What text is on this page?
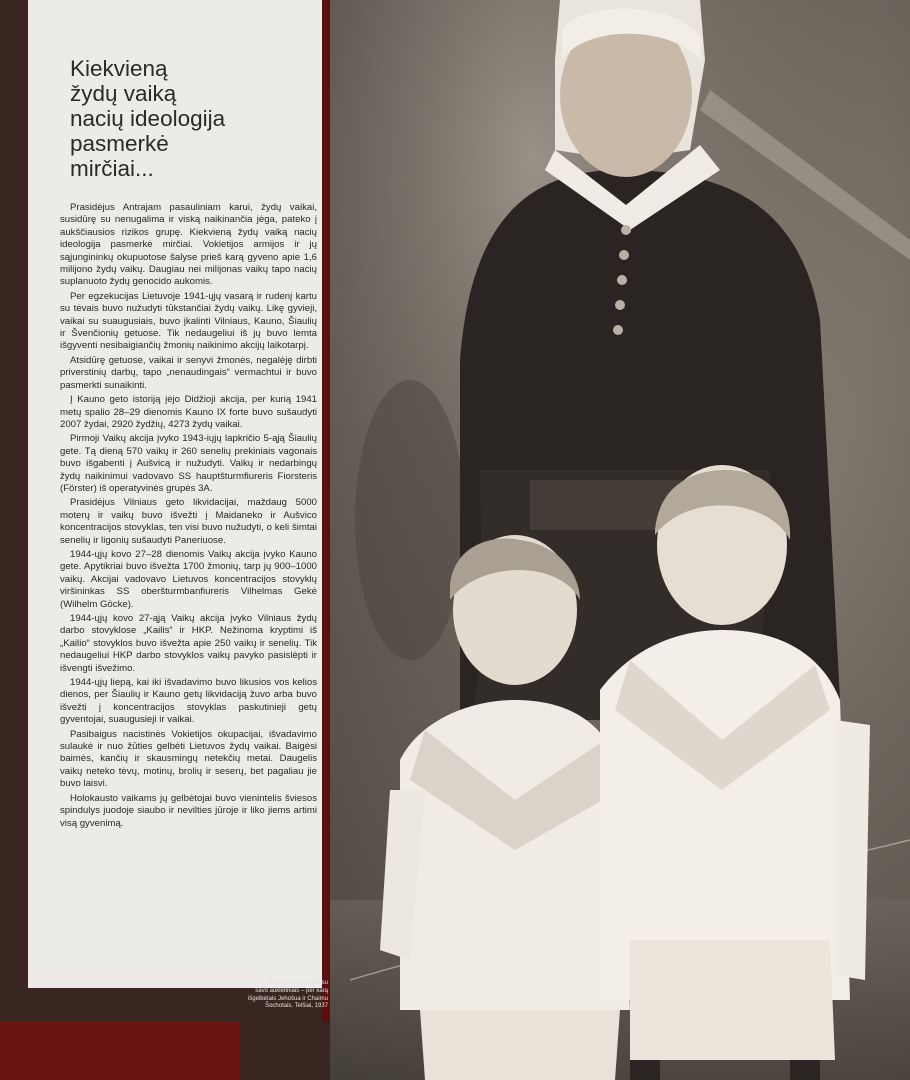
Kiekvieną
žydų vaiką
nacių ideologija
pasmerkė
mirčiai...

Prasidėjus Antrajam pasauliniam karui, žydų vaikai, susidūrę su nenugalima ir viską naikinančia jėga, pateko į aukščiausios rizikos grupę. Kiekvieną žydų vaiką nacių ideologija pasmerkė mirčiai. Vokietijos armijos ir jų sąjungininkų okupuotose šalyse prieš karą gyveno apie 1,6 milijono žydų vaikų. Daugiau nei milijonas vaikų tapo nacių suplanuoto žydų genocido aukomis.

Per egzekucijas Lietuvoje 1941-ųjų vasarą ir rudenį kartu su tėvais buvo nužudyti tūkstančiai žydų vaikų. Likę gyvieji, vaikai su suaugusiais, buvo įkalinti Vilniaus, Kauno, Šiaulių ir Švenčionių getuose. Tik nedaugeliui iš jų buvo lemta išgyventi nesibaigiančių žmonių naikinimo akcijų laikotarpį.

Atsidūrę getuose, vaikai ir senyvi žmonės, negalėję dirbti priverstinių darbų, tapo „nenaudingais“ vermachtui ir buvo pasmerkti sunaikinti.

Į Kauno geto istoriją įėjo Didžioji akcija, per kurią 1941 metų spalio 28–29 dienomis Kauno IX forte buvo sušaudyti 2007 žydai, 2920 žydžių, 4273 žydų vaikai.

Pirmoji Vaikų akcija įvyko 1943-iųjų lapkričio 5-ąją Šiaulių gete. Tą dieną 570 vaikų ir 260 senelių prekiniais vagonais buvo išgabenti į Aušvicą ir nužudyti. Vaikų ir nedarbingų žydų naikinimui vadovavo SS hauptšturmfiureris Fiorsteris (Förster) iš operatyvinės grupės 3A.

Prasidėjus Vilniaus geto likvidacijai, maždaug 5000 moterų ir vaikų buvo išvežti į Maidaneko ir Aušvico koncentracijos stovyklas, ten visi buvo nužudyti, o keli šimtai senelių ir ligonių sušaudyti Paneriuose.

1944-ųjų kovo 27–28 dienomis Vaikų akcija įvyko Kauno gete. Apytikriai buvo išvežta 1700 žmonių, tarp jų 900–1000 vaikų. Akcijai vadovavo Lietuvos koncentracijos stovyklų viršininkas SS oberšturmbanfiureris Vilhelmas Gekė (Wilhelm Göcke).

1944-ųjų kovo 27-ąją Vaikų akcija įvyko Vilniaus žydų darbo stovyklose „Kailis“ ir HKP. Nežinoma kryptimi iš „Kailio“ stovyklos buvo išvežta apie 250 vaikų ir senelių. Tik nedaugeliui HKP darbo stovyklos vaikų pavyko pasislėpti ir išvengti išvežimo.

1944-ųjų liepą, kai iki išvadavimo buvo likusios vos kelios dienos, per Šiaulių ir Kauno getų likvidaciją žuvo arba buvo išvežti į koncentracijos stovyklas paskutinieji getų gyventojai, suaugusieji ir vaikai.

Pasibaigus nacistinės Vokietijos okupacijai, išvadavimo sulaukė ir nuo žūties gelbėti Lietuvos žydų vaikai. Baigėsi baimės, kančių ir skausmingų netekčių metai. Daugelis vaikų neteko tėvų, motinų, brolių ir seserų, bet pagaliau jie buvo laisvi.

Holokausto vaikams jų gelbėtojai buvo vienintelis šviesos spindulys juodoje siaubo ir nevilties jūroje ir liko jiems artimi visą gyvenimą.

Domicelė Pagojutė su
savo auklėtiniais – per karą
išgelbėtais Jehošua ir Chaimu
Šochotais. Telšiai, 1937
